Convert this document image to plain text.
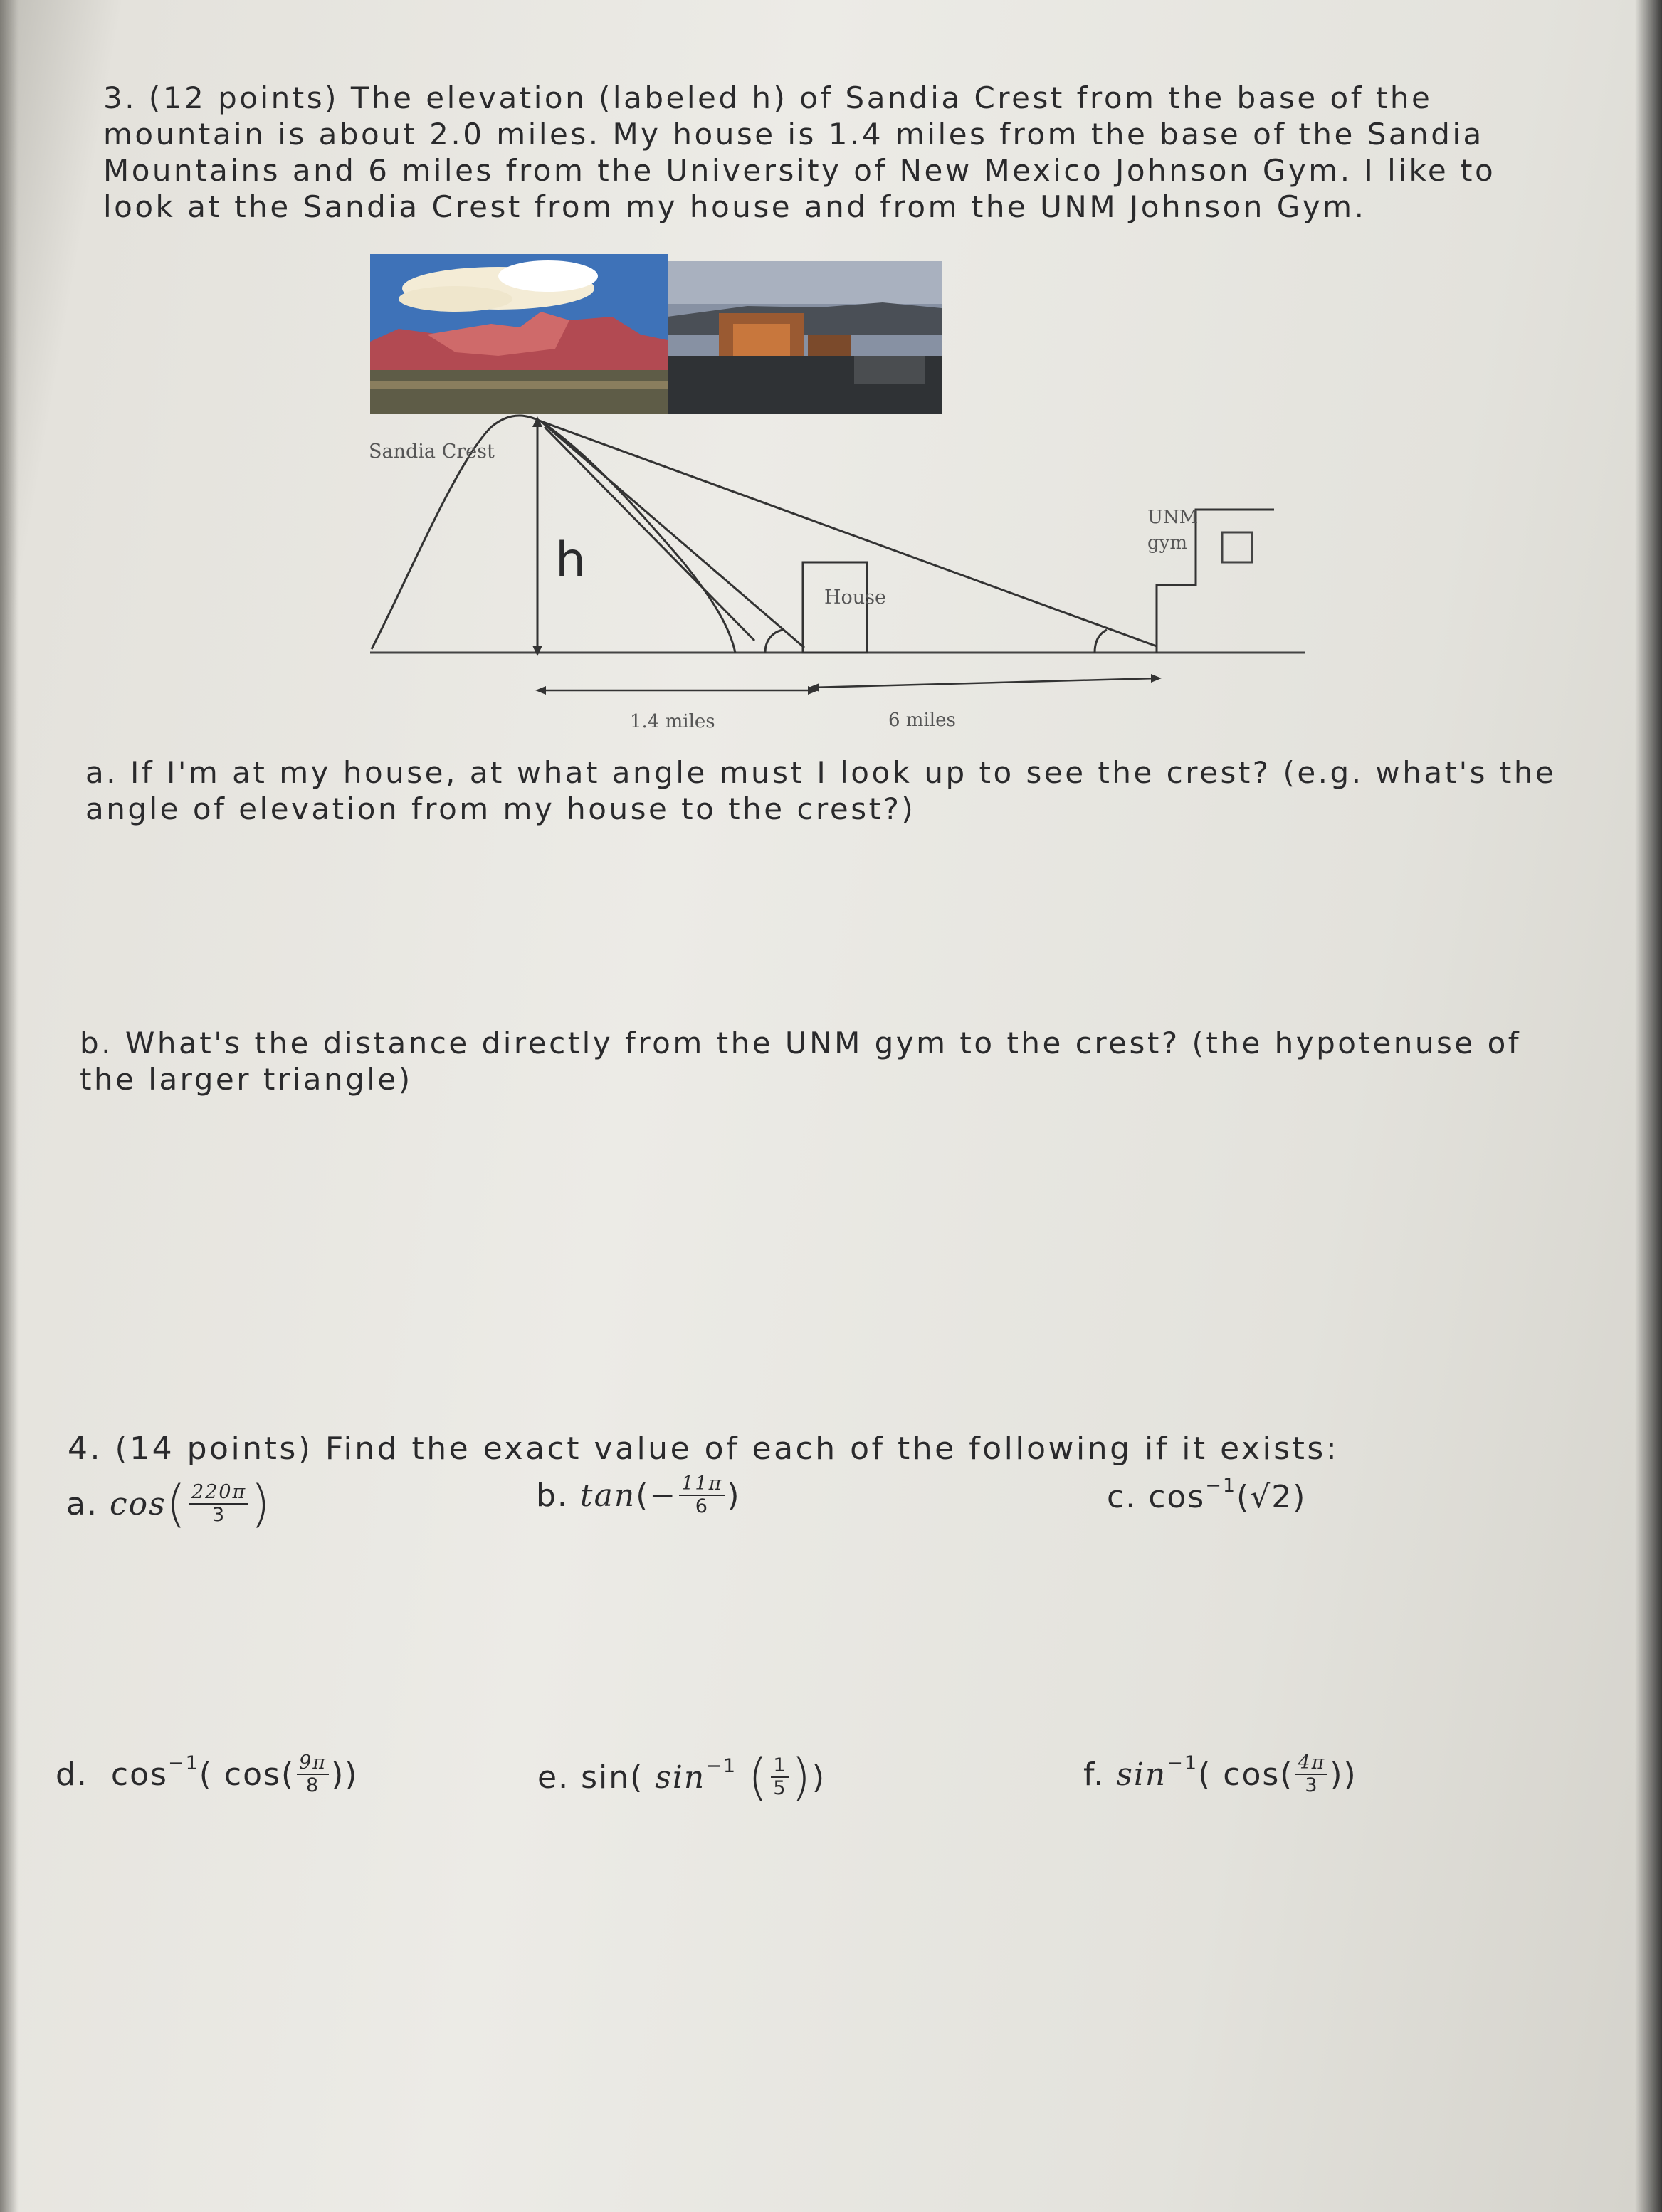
3. (12 points) The elevation (labeled h) of Sandia Crest from the base of the mountain is about 2.0 miles. My house is 1.4 miles from the base of the Sandia Mountains and 6 miles from the University of New Mexico Johnson Gym. I like to look at the Sandia Crest from my house and from the UNM Johnson Gym.

Sandia Crest
h
House
UNM
gym
1.4 miles	6 miles

a. If I'm at my house, at what angle must I look up to see the crest? (e.g. what's the angle of elevation from my house to the crest?)

b. What's the distance directly from the UNM gym to the crest? (the hypotenuse of the larger triangle)

4. (14 points) Find the exact value of each of the following if it exists:

a.
cos ( $\frac{220\pi}{3}$ )	b.
tan (− $\frac{11\pi}{6}$ )	c.
cos −1 (√2)
d.
cos −1 ( $\cos( \frac{9\pi}{8}$ ))	e.
sin(
sin −1
( $\frac{1}{5}$ ) )	f.
sin −1 ( $\cos( \frac{4\pi}{3}$ ))
